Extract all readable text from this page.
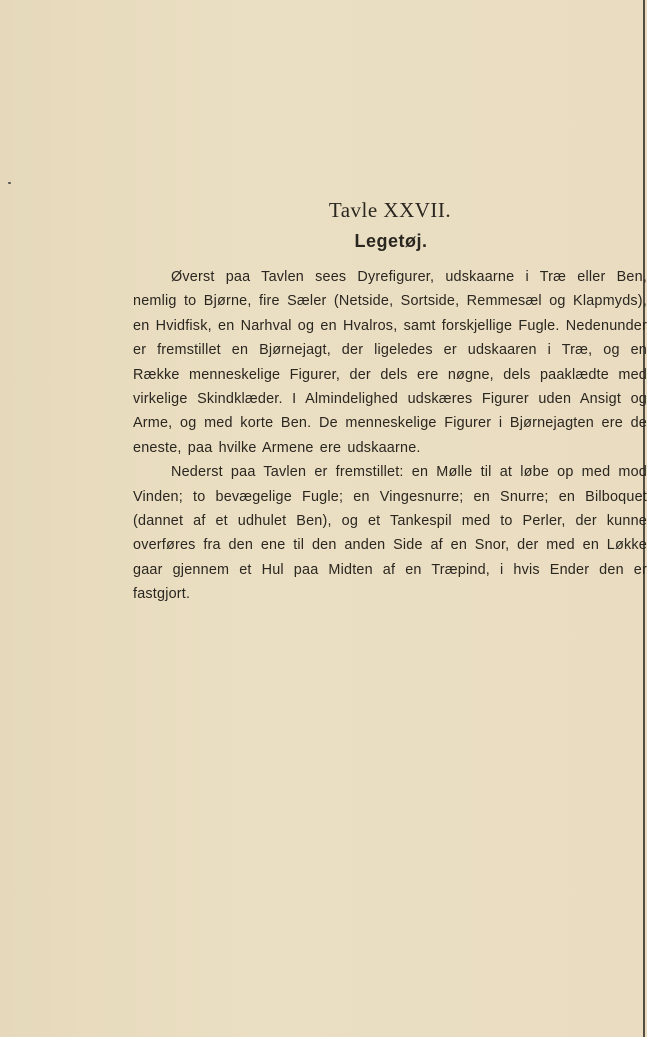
Tavle XXVII.
Legetøj.

Øverst paa Tavlen sees Dyrefigurer, udskaarne i Træ eller Ben, nemlig to Bjørne, fire Sæler (Netside, Sortside, Remmesæl og Klapmyds), en Hvidfisk, en Narhval og en Hvalros, samt forskjellige Fugle. Nedenunder er fremstillet en Bjørnejagt, der ligeledes er udskaaren i Træ, og en Række menneskelige Figurer, der dels ere nøgne, dels paaklædte med virkelige Skindklæder. I Almindelighed udskæres Figurer uden Ansigt og Arme, og med korte Ben. De menneskelige Figurer i Bjørnejagten ere de eneste, paa hvilke Armene ere udskaarne.

Nederst paa Tavlen er fremstillet: en Mølle til at løbe op med mod Vinden; to bevægelige Fugle; en Vingesnurre; en Snurre; en Bilboquet (dannet af et udhulet Ben), og et Tankespil med to Perler, der kunne overføres fra den ene til den anden Side af en Snor, der med en Løkke gaar gjennem et Hul paa Midten af en Træpind, i hvis Ender den er fastgjort.
